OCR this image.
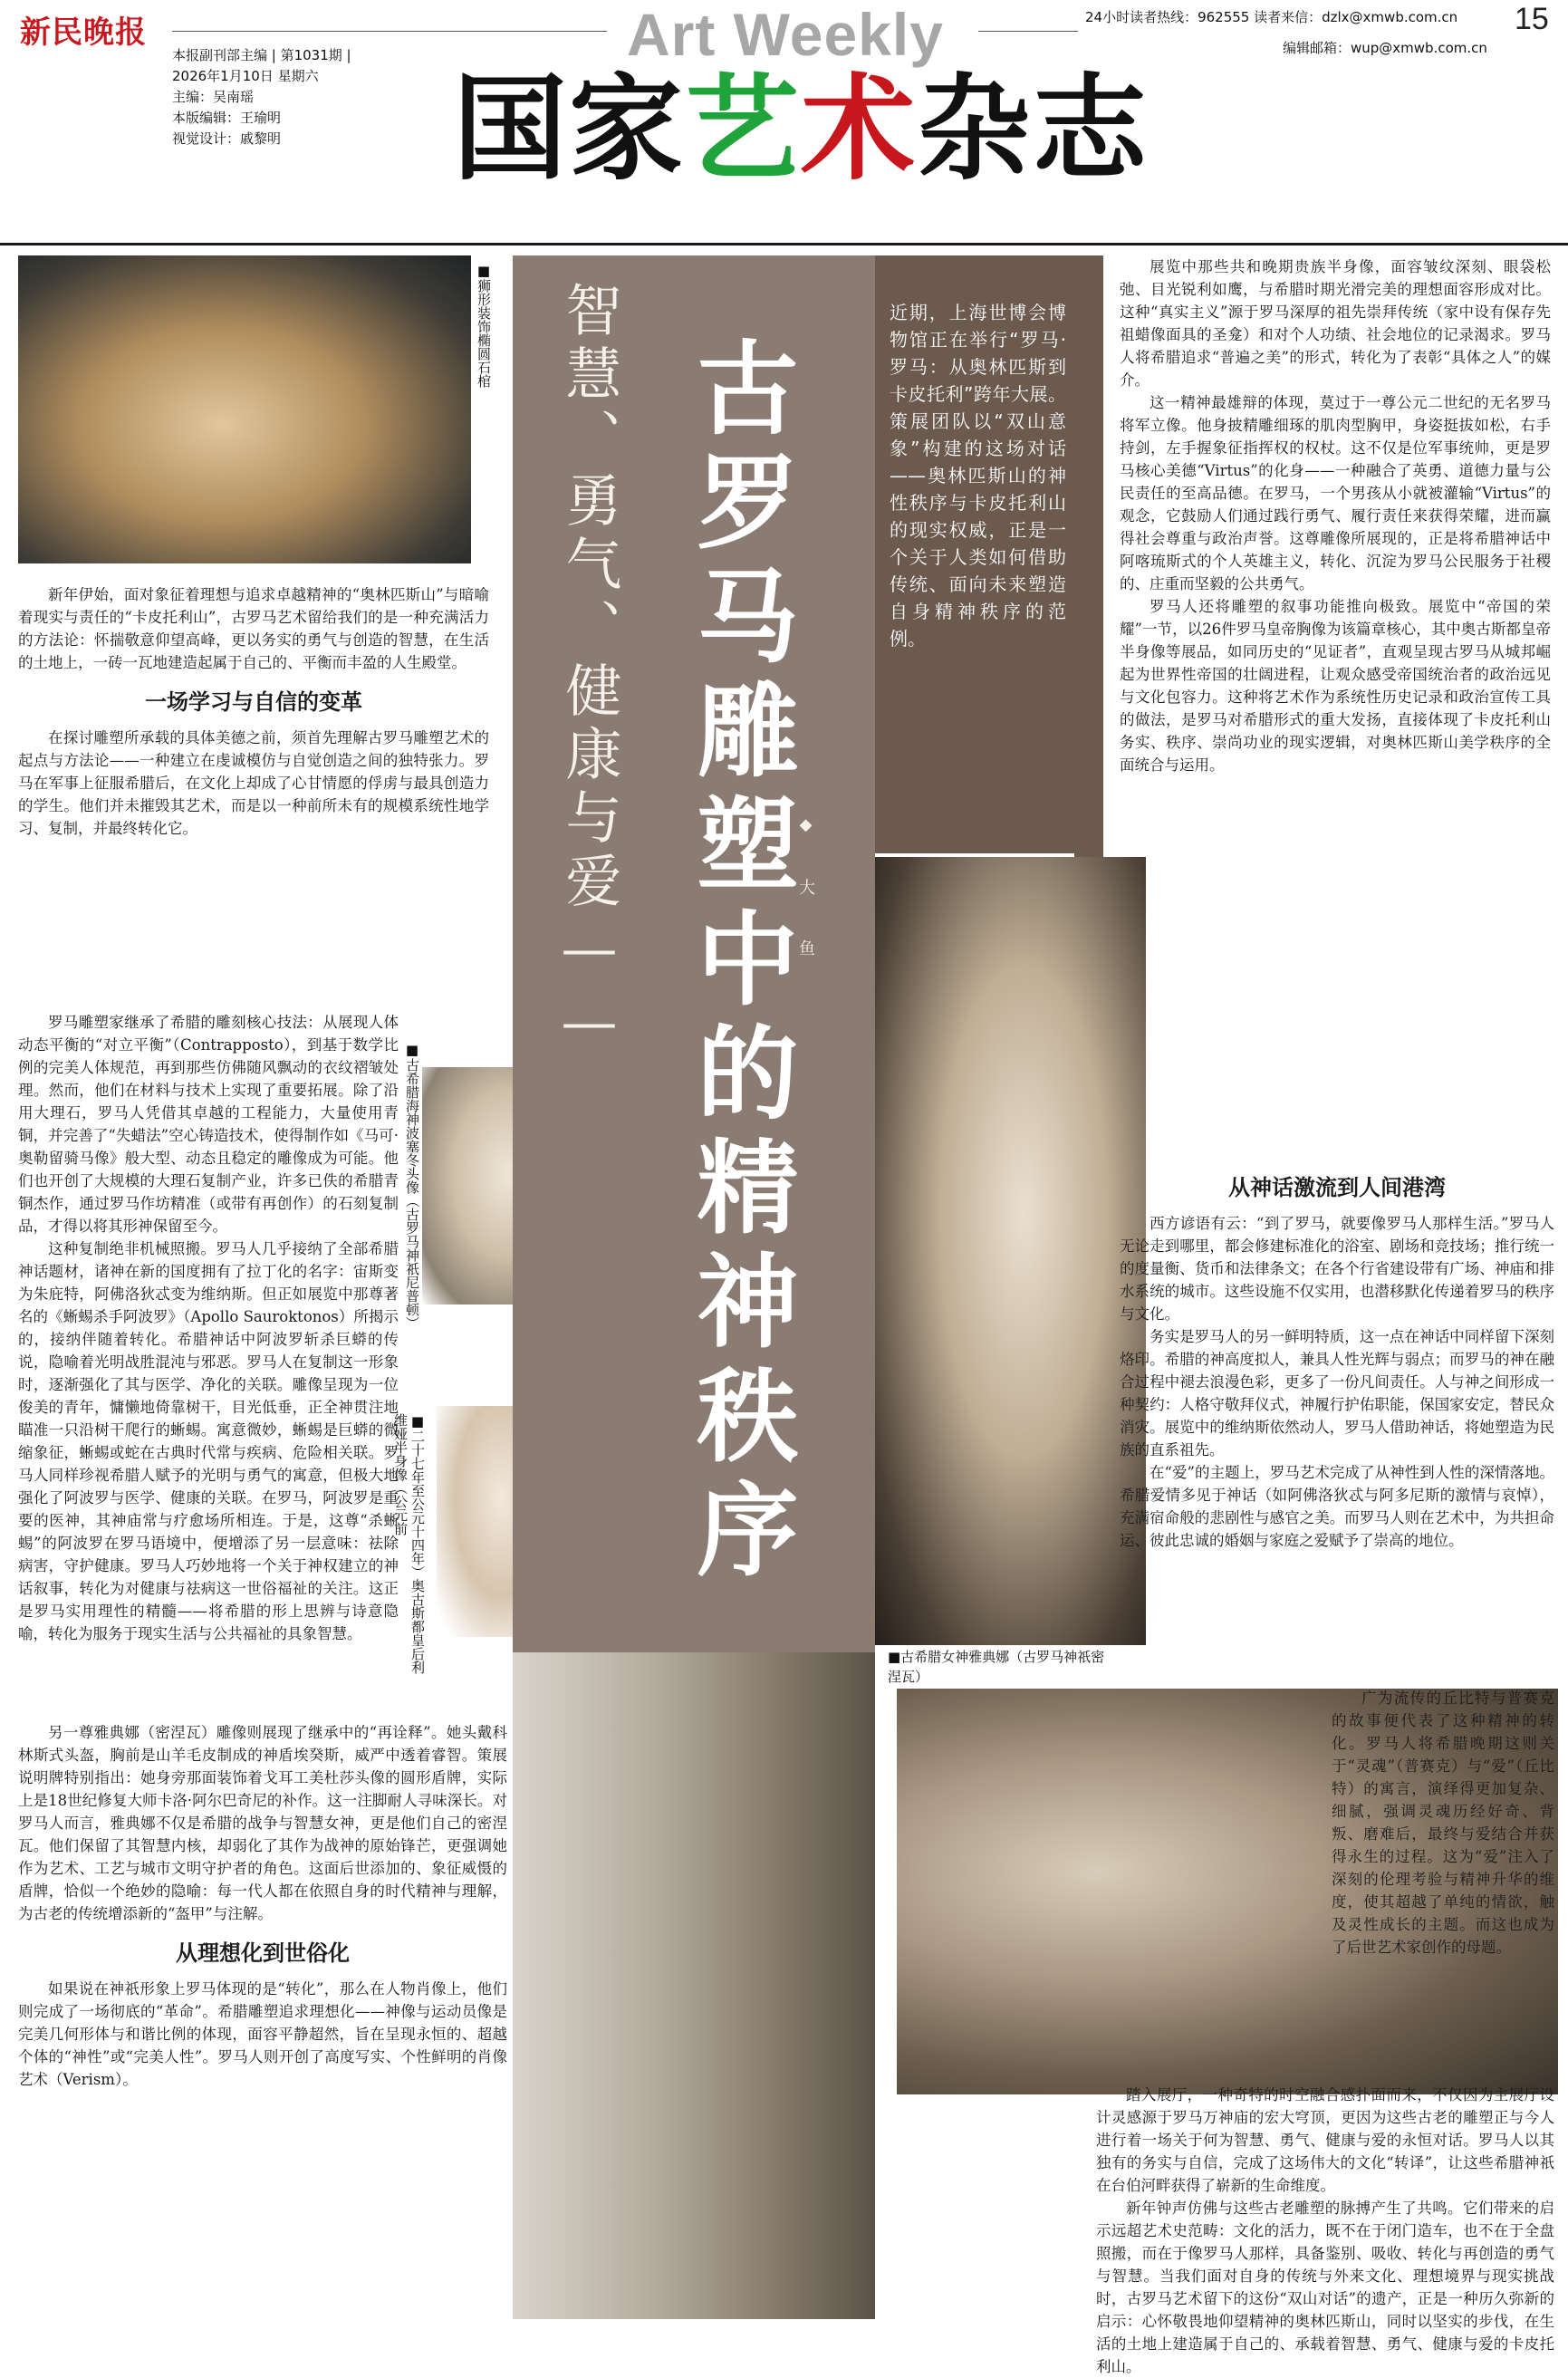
新民晚报
本报副刊部主编 | 第1031期 |
2026年1月10日 星期六
主编：吴南瑶
本版编辑：王瑜明
视觉设计：戚黎明
Art Weekly
国家艺术杂志
24小时读者热线：962555 读者来信：dzlx@xmwb.com.cn
编辑邮箱：wup@xmwb.com.cn
15
智慧、勇气、健康与爱—— 古罗马雕塑中的精神秩序
◆ 大 鱼
近期，上海世博会博物馆正在举行“罗马·罗马：从奥林匹斯到卡皮托利”跨年大展。策展团队以“双山意象”构建的这场对话——奥林匹斯山的神性秩序与卡皮托利山的现实权威，正是一个关于人类如何借助传统、面向未来塑造自身精神秩序的范例。
■狮形装饰椭圆石棺
■古希腊海神波塞冬头像（古罗马神祇尼普顿）
■二十七年至公元十四年）奥古斯都皇后利维娅半身像（公元前
■古希腊女神雅典娜（古罗马神祇密涅瓦）
▲古希腊神阿波罗	▲双头雕像

新年伊始，面对象征着理想与追求卓越精神的“奥林匹斯山”与暗喻着现实与责任的“卡皮托利山”，古罗马艺术留给我们的是一种充满活力的方法论：怀揣敬意仰望高峰，更以务实的勇气与创造的智慧，在生活的土地上，一砖一瓦地建造起属于自己的、平衡而丰盈的人生殿堂。

一场学习与自信的变革

在探讨雕塑所承载的具体美德之前，须首先理解古罗马雕塑艺术的起点与方法论——一种建立在虔诚模仿与自觉创造之间的独特张力。罗马在军事上征服希腊后，在文化上却成了心甘情愿的俘虏与最具创造力的学生。他们并未摧毁其艺术，而是以一种前所未有的规模系统性地学习、复制，并最终转化它。

罗马雕塑家继承了希腊的雕刻核心技法：从展现人体动态平衡的“对立平衡”（Contrapposto），到基于数学比例的完美人体规范，再到那些仿佛随风飘动的衣纹褶皱处理。然而，他们在材料与技术上实现了重要拓展。除了沿用大理石，罗马人凭借其卓越的工程能力，大量使用青铜，并完善了“失蜡法”空心铸造技术，使得制作如《马可·奥勒留骑马像》般大型、动态且稳定的雕像成为可能。他们也开创了大规模的大理石复制产业，许多已佚的希腊青铜杰作，通过罗马作坊精准（或带有再创作）的石刻复制品，才得以将其形神保留至今。

这种复制绝非机械照搬。罗马人几乎接纳了全部希腊神话题材，诸神在新的国度拥有了拉丁化的名字：宙斯变为朱庇特，阿佛洛狄忒变为维纳斯。但正如展览中那尊著名的《蜥蜴杀手阿波罗》（Apollo Sauroktonos）所揭示的，接纳伴随着转化。希腊神话中阿波罗斩杀巨蟒的传说，隐喻着光明战胜混沌与邪恶。罗马人在复制这一形象时，逐渐强化了其与医学、净化的关联。雕像呈现为一位俊美的青年，慵懒地倚靠树干，目光低垂，正全神贯注地瞄准一只沿树干爬行的蜥蜴。寓意微妙，蜥蜴是巨蟒的微缩象征，蜥蜴或蛇在古典时代常与疾病、危险相关联。罗马人同样珍视希腊人赋予的光明与勇气的寓意，但极大地强化了阿波罗与医学、健康的关联。在罗马，阿波罗是重要的医神，其神庙常与疗愈场所相连。于是，这尊“杀蜥蜴”的阿波罗在罗马语境中，便增添了另一层意味：祛除病害，守护健康。罗马人巧妙地将一个关于神权建立的神话叙事，转化为对健康与祛病这一世俗福祉的关注。这正是罗马实用理性的精髓——将希腊的形上思辨与诗意隐喻，转化为服务于现实生活与公共福祉的具象智慧。

另一尊雅典娜（密涅瓦）雕像则展现了继承中的“再诠释”。她头戴科林斯式头盔，胸前是山羊毛皮制成的神盾埃癸斯，威严中透着睿智。策展说明牌特别指出：她身旁那面装饰着戈耳工美杜莎头像的圆形盾牌，实际上是18世纪修复大师卡洛·阿尔巴奇尼的补作。这一注脚耐人寻味深长。对罗马人而言，雅典娜不仅是希腊的战争与智慧女神，更是他们自己的密涅瓦。他们保留了其智慧内核，却弱化了其作为战神的原始锋芒，更强调她作为艺术、工艺与城市文明守护者的角色。这面后世添加的、象征威慑的盾牌，恰似一个绝妙的隐喻：每一代人都在依照自身的时代精神与理解，为古老的传统增添新的“盔甲”与注解。

从理想化到世俗化

如果说在神祇形象上罗马体现的是“转化”，那么在人物肖像上，他们则完成了一场彻底的“革命”。希腊雕塑追求理想化——神像与运动员像是完美几何形体与和谐比例的体现，面容平静超然，旨在呈现永恒的、超越个体的“神性”或“完美人性”。罗马人则开创了高度写实、个性鲜明的肖像艺术（Verism）。

展览中那些共和晚期贵族半身像，面容皱纹深刻、眼袋松弛、目光锐利如鹰，与希腊时期光滑完美的理想面容形成对比。这种“真实主义”源于罗马深厚的祖先崇拜传统（家中设有保存先祖蜡像面具的圣龛）和对个人功绩、社会地位的记录渴求。罗马人将希腊追求“普遍之美”的形式，转化为了表彰“具体之人”的媒介。

这一精神最雄辩的体现，莫过于一尊公元二世纪的无名罗马将军立像。他身披精雕细琢的肌肉型胸甲，身姿挺拔如松，右手持剑，左手握象征指挥权的权杖。这不仅是位军事统帅，更是罗马核心美德“Virtus”的化身——一种融合了英勇、道德力量与公民责任的至高品德。在罗马，一个男孩从小就被灌输“Virtus”的观念，它鼓励人们通过践行勇气、履行责任来获得荣耀，进而赢得社会尊重与政治声誉。这尊雕像所展现的，正是将希腊神话中阿喀琉斯式的个人英雄主义，转化、沉淀为罗马公民服务于社稷的、庄重而坚毅的公共勇气。

罗马人还将雕塑的叙事功能推向极致。展览中“帝国的荣耀”一节，以26件罗马皇帝胸像为该篇章核心，其中奥古斯都皇帝半身像等展品，如同历史的“见证者”，直观呈现古罗马从城邦崛起为世界性帝国的壮阔进程，让观众感受帝国统治者的政治远见与文化包容力。这种将艺术作为系统性历史记录和政治宣传工具的做法，是罗马对希腊形式的重大发扬，直接体现了卡皮托利山务实、秩序、崇尚功业的现实逻辑，对奥林匹斯山美学秩序的全面统合与运用。

从神话激流到人间港湾

西方谚语有云：“到了罗马，就要像罗马人那样生活。”罗马人无论走到哪里，都会修建标准化的浴室、剧场和竞技场；推行统一的度量衡、货币和法律条文；在各个行省建设带有广场、神庙和排水系统的城市。这些设施不仅实用，也潜移默化传递着罗马的秩序与文化。

务实是罗马人的另一鲜明特质，这一点在神话中同样留下深刻烙印。希腊的神高度拟人，兼具人性光辉与弱点；而罗马的神在融合过程中褪去浪漫色彩，更多了一份凡间责任。人与神之间形成一种契约：人格守敬拜仪式，神履行护佑职能，保国家安定，替民众消灾。展览中的维纳斯依然动人，罗马人借助神话，将她塑造为民族的直系祖先。

在“爱”的主题上，罗马艺术完成了从神性到人性的深情落地。希腊爱情多见于神话（如阿佛洛狄忒与阿多尼斯的激情与哀悼），充满宿命般的悲剧性与感官之美。而罗马人则在艺术中，为共担命运、彼此忠诚的婚姻与家庭之爱赋予了崇高的地位。

广为流传的丘比特与普赛克的故事便代表了这种精神的转化。罗马人将希腊晚期这则关于“灵魂”（普赛克）与“爱”（丘比特）的寓言，演绎得更加复杂、细腻，强调灵魂历经好奇、背叛、磨难后，最终与爱结合并获得永生的过程。这为“爱”注入了深刻的伦理考验与精神升华的维度，使其超越了单纯的情欲，触及灵性成长的主题。而这也成为了后世艺术家创作的母题。

踏入展厅，一种奇特的时空融合感扑面而来，不仅因为主展厅设计灵感源于罗马万神庙的宏大穹顶，更因为这些古老的雕塑正与今人进行着一场关于何为智慧、勇气、健康与爱的永恒对话。罗马人以其独有的务实与自信，完成了这场伟大的文化“转译”，让这些希腊神祇在台伯河畔获得了崭新的生命维度。

新年钟声仿佛与这些古老雕塑的脉搏产生了共鸣。它们带来的启示远超艺术史范畴：文化的活力，既不在于闭门造车，也不在于全盘照搬，而在于像罗马人那样，具备鉴别、吸收、转化与再创造的勇气与智慧。当我们面对自身的传统与外来文化、理想境界与现实挑战时，古罗马艺术留下的这份“双山对话”的遗产，正是一种历久弥新的启示：心怀敬畏地仰望精神的奥林匹斯山，同时以坚实的步伐，在生活的土地上建造属于自己的、承载着智慧、勇气、健康与爱的卡皮托利山。
